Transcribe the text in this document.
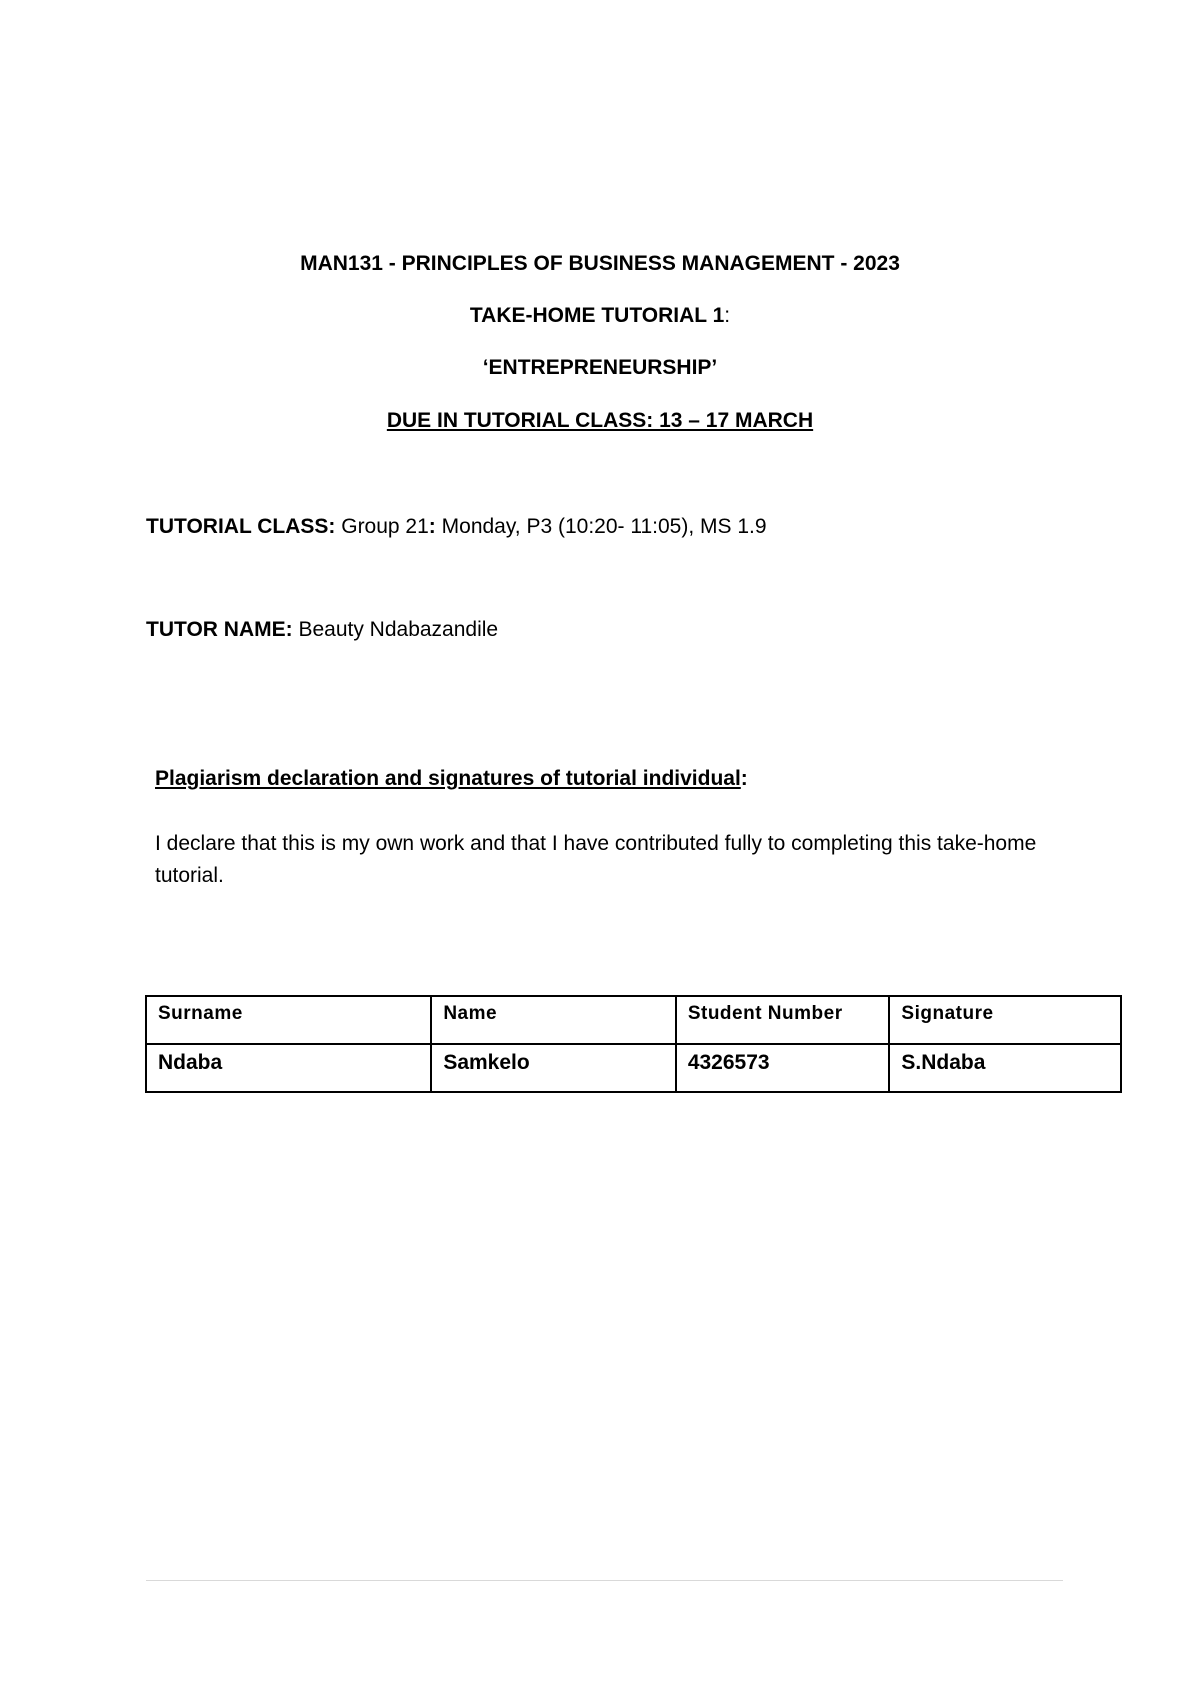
MAN131 - PRINCIPLES OF BUSINESS MANAGEMENT - 2023
TAKE-HOME TUTORIAL 1:
‘ENTREPRENEURSHIP’
DUE IN TUTORIAL CLASS: 13 – 17 MARCH
TUTORIAL CLASS: Group 21: Monday, P3 (10:20- 11:05), MS 1.9
TUTOR NAME: Beauty Ndabazandile
Plagiarism declaration and signatures of tutorial individual:
I declare that this is my own work and that I have contributed fully to completing this take-home tutorial.
Surname	Name	Student Number	Signature
Ndaba	Samkelo	4326573	S.Ndaba
